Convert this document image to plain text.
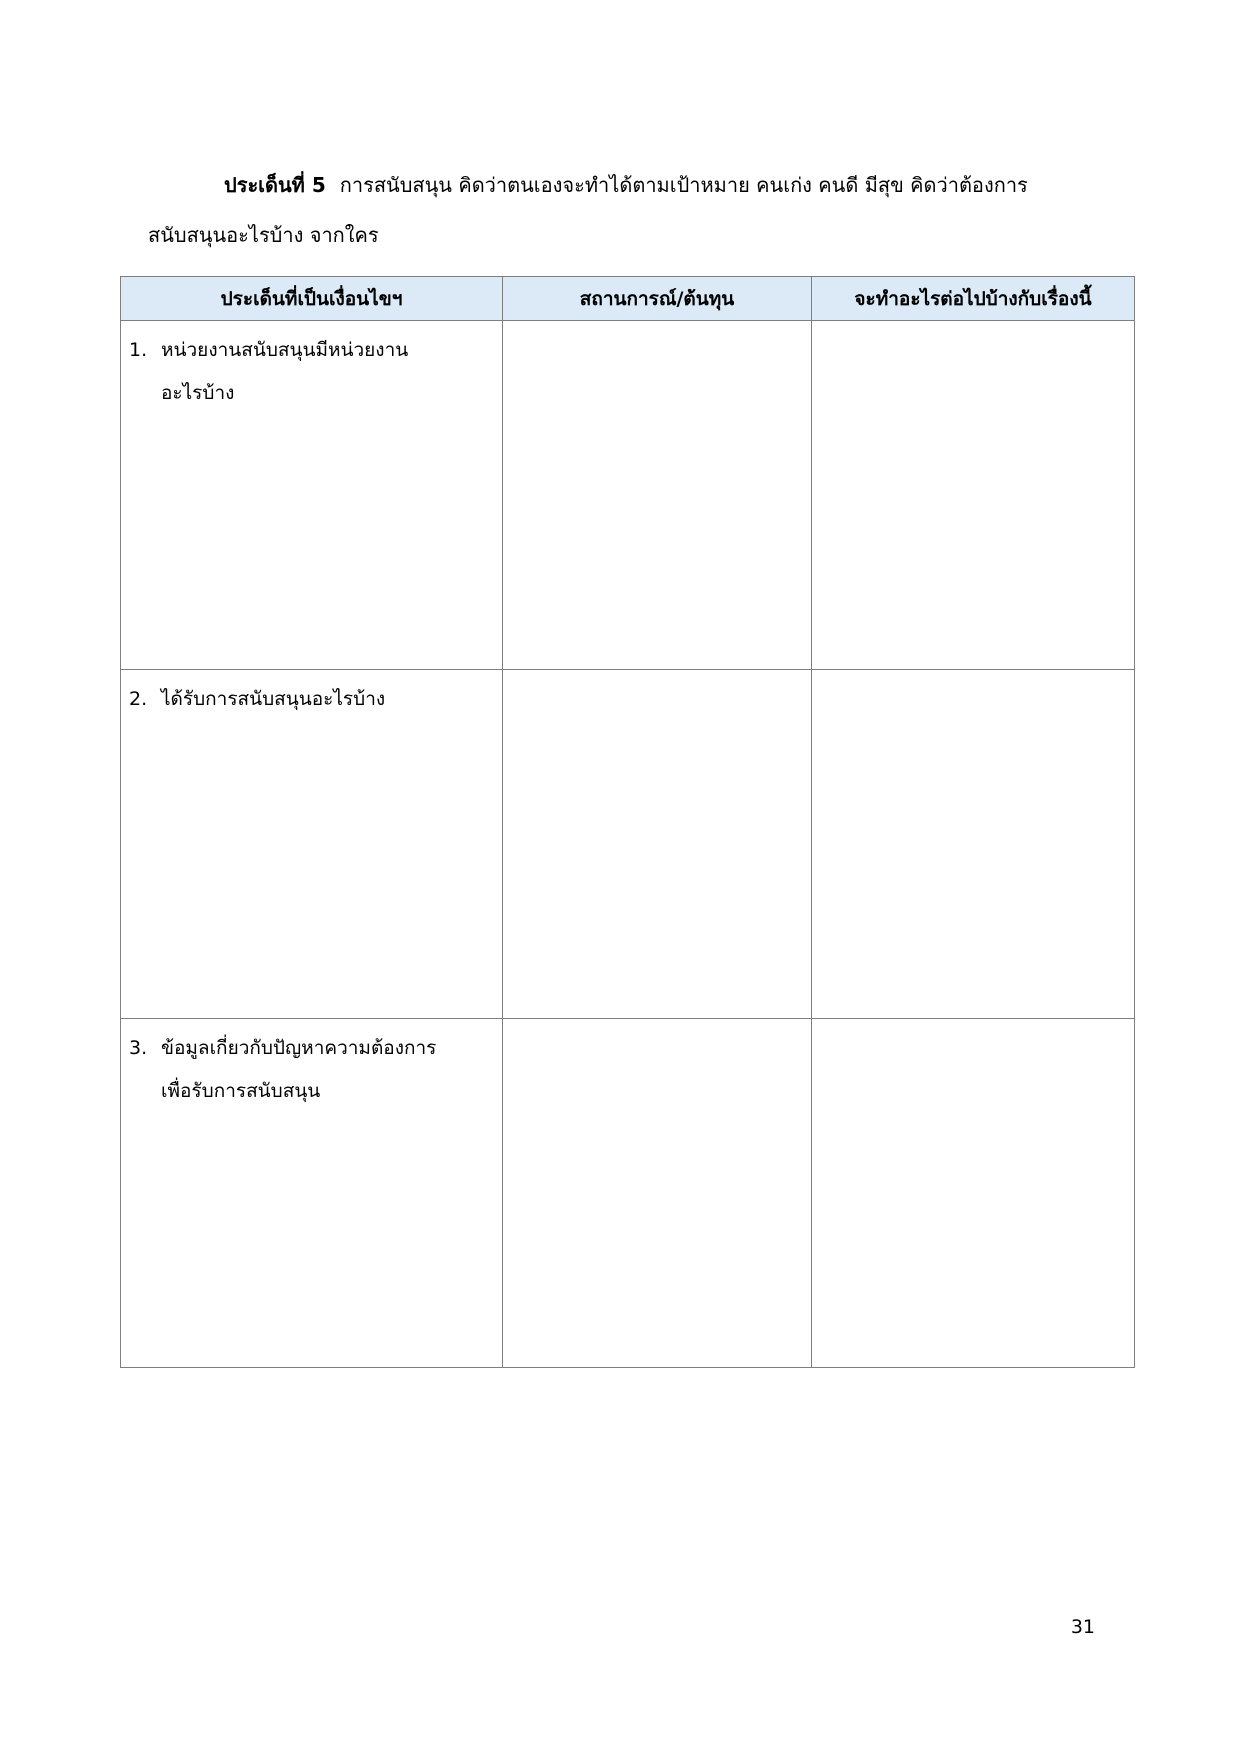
ประเด็นที่ 5 การสนับสนุน คิดว่าตนเองจะทำได้ตามเป้าหมาย คนเก่ง คนดี มีสุข คิดว่าต้องการ
สนับสนุนอะไรบ้าง จากใคร
ประเด็นที่เป็นเงื่อนไขฯ	สถานการณ์/ต้นทุน	จะทำอะไรต่อไปบ้างกับเรื่องนี้

1. หน่วยงานสนับสนุนมีหน่วยงาน
อะไรบ้าง		

2. ได้รับการสนับสนุนอะไรบ้าง		

3. ข้อมูลเกี่ยวกับปัญหาความต้องการ
เพื่อรับการสนับสนุน		

31
